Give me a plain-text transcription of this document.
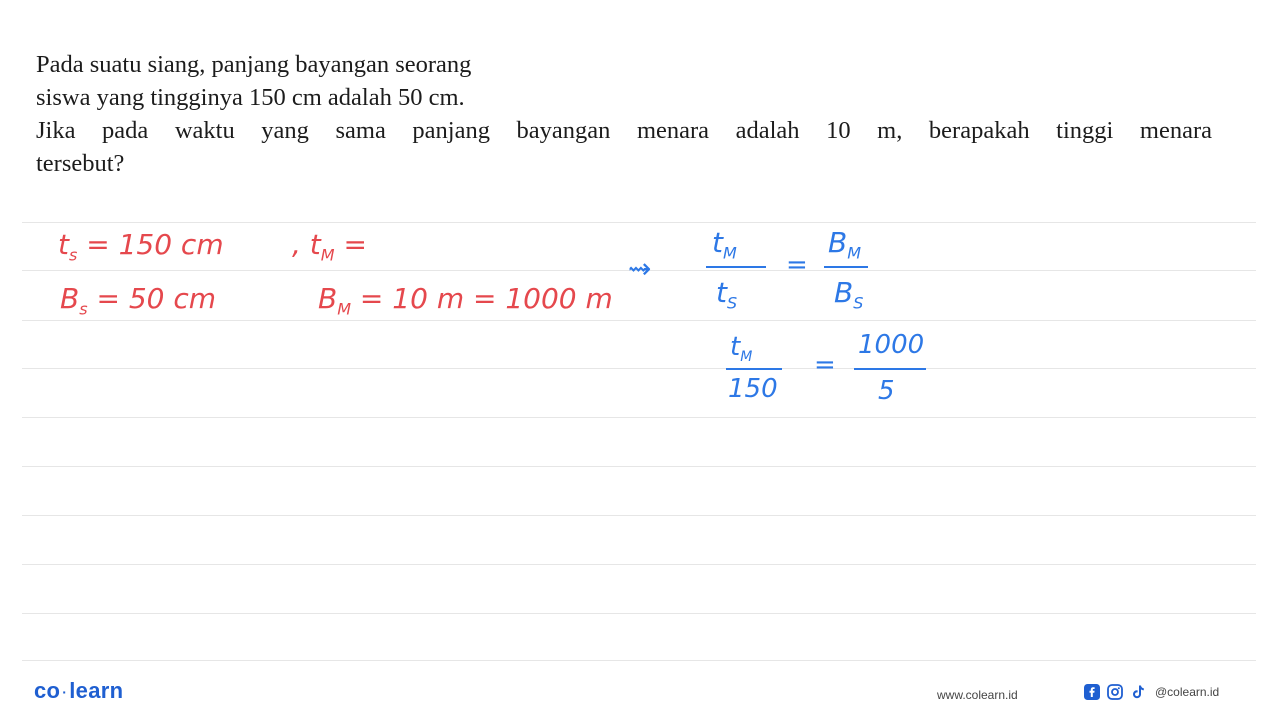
Pada suatu siang, panjang bayangan seorang
siswa yang tingginya 150 cm adalah 50 cm.
Jika pada waktu yang sama panjang bayangan menara adalah 10 m, berapakah tinggi menara
tersebut?
$t_s = 150$ cm
$B_s = 50$ cm
, $t_M$ =
$B_M = 10$ m = 1000 m
⇝
$t_M$
$t_S$
=
$B_M$
$B_S$
$t_M$
150
=
1000
5
co ·learn	www.colearn.id	@colearn.id
